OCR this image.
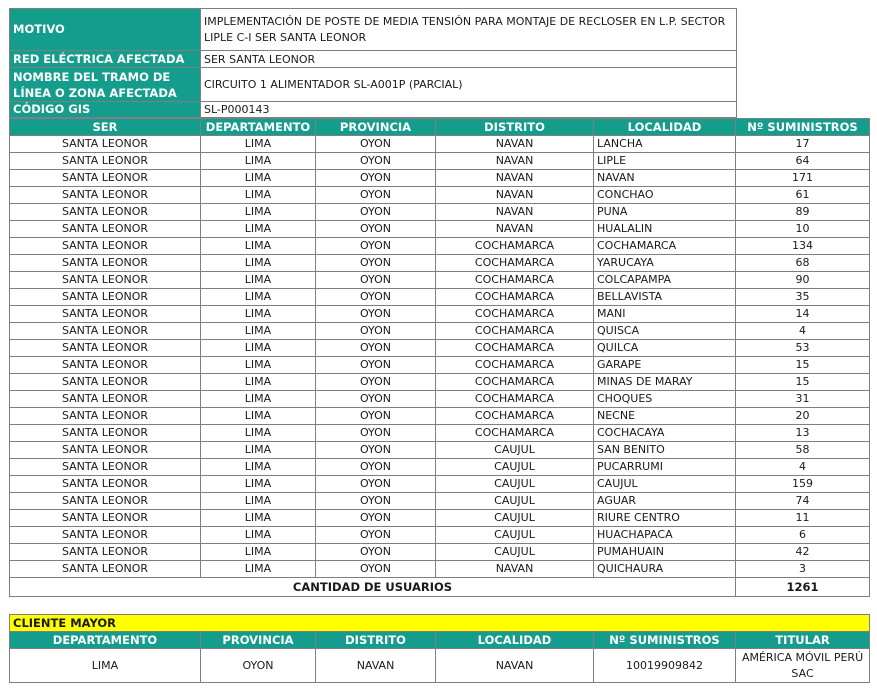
MOTIVO	IMPLEMENTACIÓN DE POSTE DE MEDIA TENSIÓN PARA MONTAJE DE RECLOSER EN L.P. SECTOR LIPLE C-I SER SANTA LEONOR
RED ELÉCTRICA AFECTADA	SER SANTA LEONOR
NOMBRE DEL TRAMO DE LÍNEA O ZONA AFECTADA	CIRCUITO 1 ALIMENTADOR SL-A001P (PARCIAL)
CÓDIGO GIS	SL-P000143
SER	DEPARTAMENTO	PROVINCIA	DISTRITO	LOCALIDAD	Nº SUMINISTROS
SANTA LEONOR	LIMA	OYON	NAVAN	LANCHA	17
SANTA LEONOR	LIMA	OYON	NAVAN	LIPLE	64
SANTA LEONOR	LIMA	OYON	NAVAN	NAVAN	171
SANTA LEONOR	LIMA	OYON	NAVAN	CONCHAO	61
SANTA LEONOR	LIMA	OYON	NAVAN	PUNA	89
SANTA LEONOR	LIMA	OYON	NAVAN	HUALALIN	10
SANTA LEONOR	LIMA	OYON	COCHAMARCA	COCHAMARCA	134
SANTA LEONOR	LIMA	OYON	COCHAMARCA	YARUCAYA	68
SANTA LEONOR	LIMA	OYON	COCHAMARCA	COLCAPAMPA	90
SANTA LEONOR	LIMA	OYON	COCHAMARCA	BELLAVISTA	35
SANTA LEONOR	LIMA	OYON	COCHAMARCA	MANI	14
SANTA LEONOR	LIMA	OYON	COCHAMARCA	QUISCA	4
SANTA LEONOR	LIMA	OYON	COCHAMARCA	QUILCA	53
SANTA LEONOR	LIMA	OYON	COCHAMARCA	GARAPE	15
SANTA LEONOR	LIMA	OYON	COCHAMARCA	MINAS DE MARAY	15
SANTA LEONOR	LIMA	OYON	COCHAMARCA	CHOQUES	31
SANTA LEONOR	LIMA	OYON	COCHAMARCA	NECNE	20
SANTA LEONOR	LIMA	OYON	COCHAMARCA	COCHACAYA	13
SANTA LEONOR	LIMA	OYON	CAUJUL	SAN BENITO	58
SANTA LEONOR	LIMA	OYON	CAUJUL	PUCARRUMI	4
SANTA LEONOR	LIMA	OYON	CAUJUL	CAUJUL	159
SANTA LEONOR	LIMA	OYON	CAUJUL	AGUAR	74
SANTA LEONOR	LIMA	OYON	CAUJUL	RIURE CENTRO	11
SANTA LEONOR	LIMA	OYON	CAUJUL	HUACHAPACA	6
SANTA LEONOR	LIMA	OYON	CAUJUL	PUMAHUAIN	42
SANTA LEONOR	LIMA	OYON	NAVAN	QUICHAURA	3
CANTIDAD DE USUARIOS					1261
CLIENTE MAYOR					
DEPARTAMENTO	PROVINCIA	DISTRITO	LOCALIDAD	Nº SUMINISTROS	TITULAR
LIMA	OYON	NAVAN	NAVAN	10019909842	AMÉRICA MÓVIL PERÚ SAC
